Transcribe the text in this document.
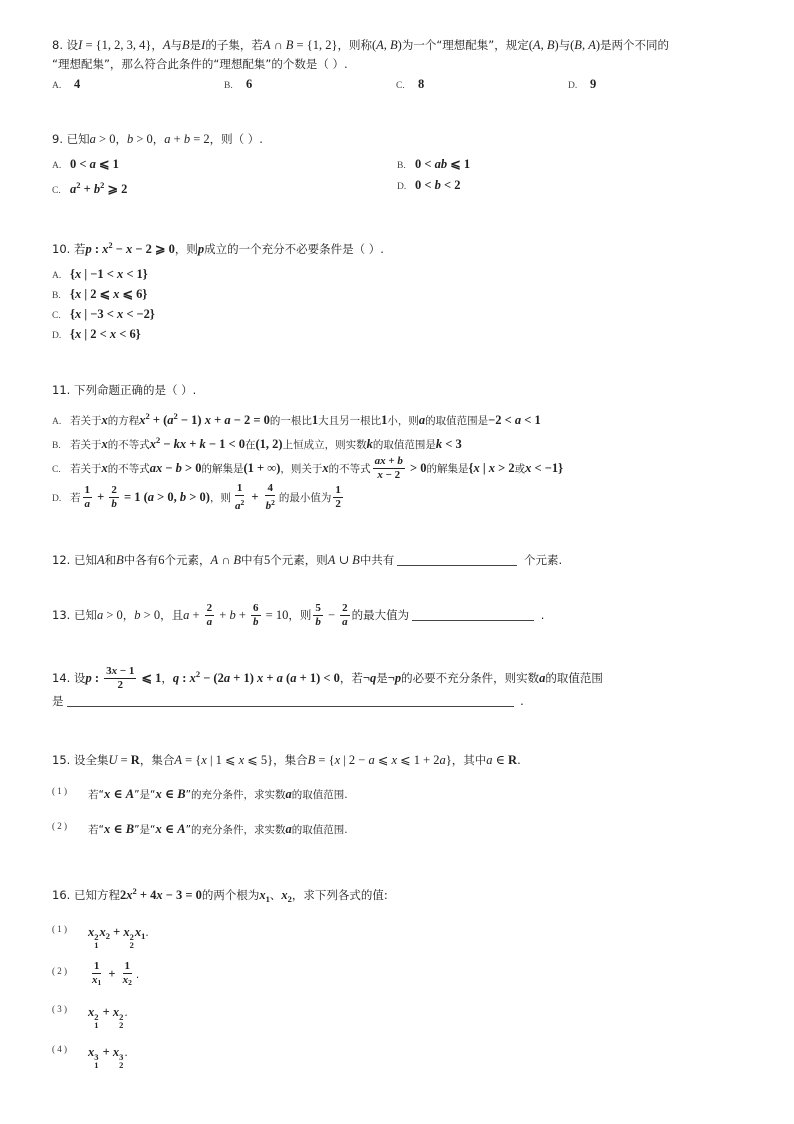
8. 设I = {1, 2, 3, 4}，A与B是I的子集，若A ∩ B = {1, 2}，则称(A, B)为一个“理想配集”，规定(A, B)与(B, A)是两个不同的
“理想配集”，那么符合此条件的“理想配集”的个数是（ ）.
A. 4	B. 6	C. 8	D. 9
9. 已知a > 0，b > 0，a + b = 2，则（ ）.
A. 0 < a ⩽ 1	B. 0 < ab ⩽ 1
C. $a^2 + b^2$ ⩾ 2	D. 0 < b < 2
10. 若p : $x^2 - x - 2$ ⩾ 0，则p成立的一个充分不必要条件是（ ）.
A. {x | −1 < x < 1}
B. {x | 2 ⩽ x ⩽ 6}
C. {x | −3 < x < −2}
D. {x | 2 < x < 6}
11. 下列命题正确的是（ ）.
A. 若关于x的方程$x^2 + (a^2 - 1) x + a - 2 = 0$的一根比1大且另一根比1小，则a的取值范围是−2 < a < 1
B. 若关于x的不等式$x^2$ − kx + k − 1 < 0在(1, 2)上恒成立，则实数k的取值范围是k < 3
C. 若关于x的不等式ax − b > 0的解集是(1 + ∞)，则关于x的不等式 $\frac{ax + b}{x - 2} > 0$的解集是{x | x > 2或x < −1}
D. 若 $\frac{1}{a} + \frac{2}{b} = 1$ (a > 0, b > 0)，则 $\frac{1}{a^2} + \frac{4}{b^2}$ 的最小值为 $\frac{1}{2}$
12. 已知A和B中各有6个元素，A ∩ B中有5个元素，则A ∪ B中共有	个元素.
13. 已知a > 0，b > 0，且$a + \frac{2}{a} + b + \frac{6}{b} = 10$，则 $\frac{5}{b} - \frac{2}{a}$ 的最大值为	.
14. 设p : $\frac{3x - 1}{2}$ ⩽ 1，q : $x^2 - (2a + 1) x + a$ (a + 1) < 0，若¬q是¬p的必要不充分条件，则实数a的取值范围
是	.
15. 设全集U = R，集合A = {x | 1 ⩽ x ⩽ 5}，集合B = {x | 2 − a ⩽ x ⩽ 1 + 2a}，其中a ∈ R.
( 1 ) 若“x ∈ A”是“x ∈ B”的充分条件，求实数a的取值范围.
( 2 ) 若“x ∈ B”是“x ∈ A”的充分条件，求实数a的取值范围.
16. 已知方程$2x^2 + 4x - 3 = 0$的两个根为$x_1$、$x_2$，求下列各式的值:
( 1 ) x 2
1
$x_2 + x$ 2
2
$x_1$.
( 2 ) $\frac{1}{x1} + \frac{1}{x2}$ .
( 3 ) x 2
1
+ x 2
2
.
( 4 ) x 3
1
+ x 3
2
.
